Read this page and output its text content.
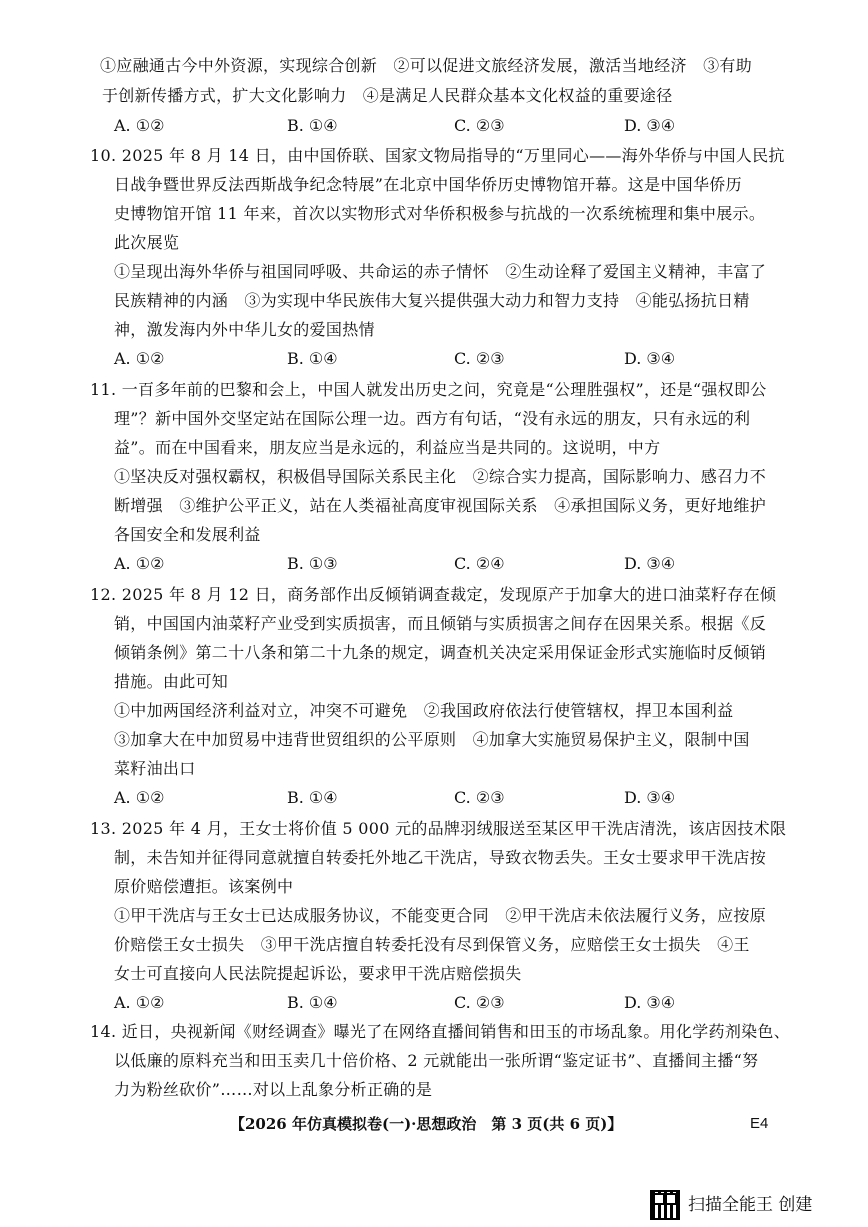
①应融通古今中外资源，实现综合创新　②可以促进文旅经济发展，激活当地经济　③有助
于创新传播方式，扩大文化影响力　④是满足人民群众基本文化权益的重要途径
A. ①②	B. ①④	C. ②③	D. ③④
10. 2025 年 8 月 14 日，由中国侨联、国家文物局指导的“万里同心——海外华侨与中国人民抗
日战争暨世界反法西斯战争纪念特展”在北京中国华侨历史博物馆开幕。这是中国华侨历
史博物馆开馆 11 年来，首次以实物形式对华侨积极参与抗战的一次系统梳理和集中展示。
此次展览
①呈现出海外华侨与祖国同呼吸、共命运的赤子情怀　②生动诠释了爱国主义精神，丰富了
民族精神的内涵　③为实现中华民族伟大复兴提供强大动力和智力支持　④能弘扬抗日精
神，激发海内外中华儿女的爱国热情
A. ①②	B. ①④	C. ②③	D. ③④
11. 一百多年前的巴黎和会上，中国人就发出历史之问，究竟是“公理胜强权”，还是“强权即公
理”？新中国外交坚定站在国际公理一边。西方有句话，“没有永远的朋友，只有永远的利
益”。而在中国看来，朋友应当是永远的，利益应当是共同的。这说明，中方
①坚决反对强权霸权，积极倡导国际关系民主化　②综合实力提高，国际影响力、感召力不
断增强　③维护公平正义，站在人类福祉高度审视国际关系　④承担国际义务，更好地维护
各国安全和发展利益
A. ①②	B. ①③	C. ②④	D. ③④
12. 2025 年 8 月 12 日，商务部作出反倾销调查裁定，发现原产于加拿大的进口油菜籽存在倾
销，中国国内油菜籽产业受到实质损害，而且倾销与实质损害之间存在因果关系。根据《反
倾销条例》第二十八条和第二十九条的规定，调查机关决定采用保证金形式实施临时反倾销
措施。由此可知
①中加两国经济利益对立，冲突不可避免　②我国政府依法行使管辖权，捍卫本国利益
③加拿大在中加贸易中违背世贸组织的公平原则　④加拿大实施贸易保护主义，限制中国
菜籽油出口
A. ①②	B. ①④	C. ②③	D. ③④
13. 2025 年 4 月，王女士将价值 5 000 元的品牌羽绒服送至某区甲干洗店清洗，该店因技术限
制，未告知并征得同意就擅自转委托外地乙干洗店，导致衣物丢失。王女士要求甲干洗店按
原价赔偿遭拒。该案例中
①甲干洗店与王女士已达成服务协议，不能变更合同　②甲干洗店未依法履行义务，应按原
价赔偿王女士损失　③甲干洗店擅自转委托没有尽到保管义务，应赔偿王女士损失　④王
女士可直接向人民法院提起诉讼，要求甲干洗店赔偿损失
A. ①②	B. ①④	C. ②③	D. ③④
14. 近日，央视新闻《财经调查》曝光了在网络直播间销售和田玉的市场乱象。用化学药剂染色、
以低廉的原料充当和田玉卖几十倍价格、2 元就能出一张所谓“鉴定证书”、直播间主播“努
力为粉丝砍价”……对以上乱象分析正确的是
【2026 年仿真模拟卷(一)·思想政治　第 3 页(共 6 页)】	E4
扫描全能王 创建
